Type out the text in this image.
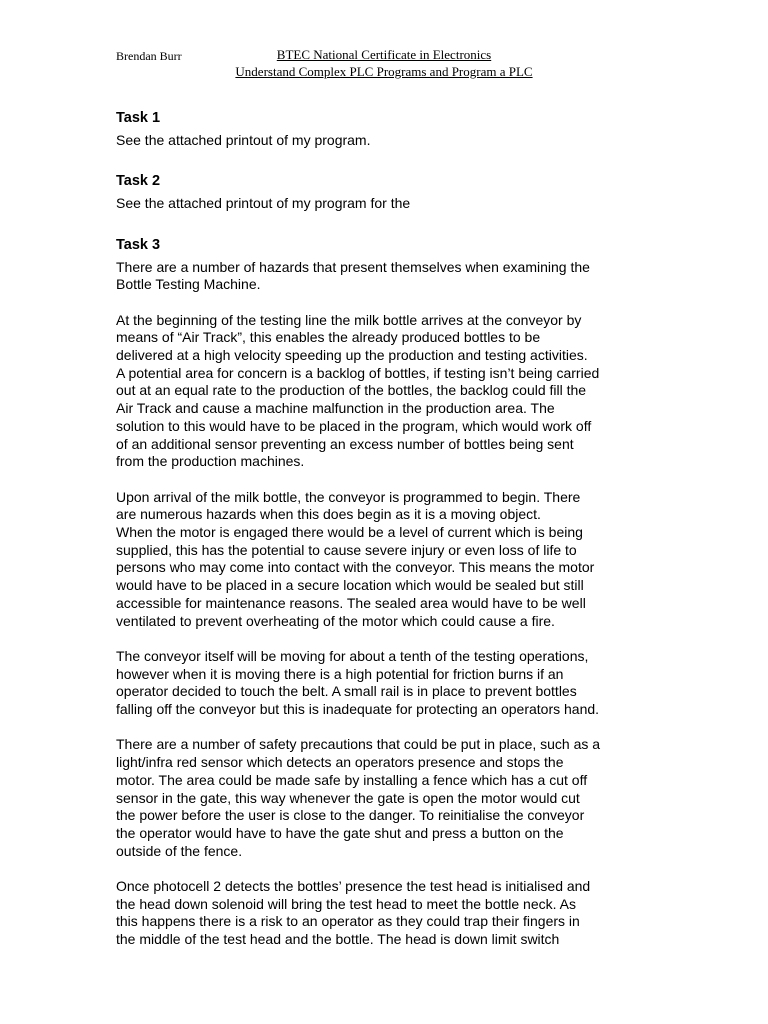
Brendan Burr	BTEC National Certificate in Electronics
Understand Complex PLC Programs and Program a PLC

Task 1

See the attached printout of my program.

Task 2

See the attached printout of my program for the

Task 3

There are a number of hazards that present themselves when examining the
Bottle Testing Machine.
At the beginning of the testing line the milk bottle arrives at the conveyor by
means of “Air Track”, this enables the already produced bottles to be
delivered at a high velocity speeding up the production and testing activities.
A potential area for concern is a backlog of bottles, if testing isn’t being carried
out at an equal rate to the production of the bottles, the backlog could fill the
Air Track and cause a machine malfunction in the production area. The
solution to this would have to be placed in the program, which would work off
of an additional sensor preventing an excess number of bottles being sent
from the production machines.
Upon arrival of the milk bottle, the conveyor is programmed to begin. There
are numerous hazards when this does begin as it is a moving object.
When the motor is engaged there would be a level of current which is being
supplied, this has the potential to cause severe injury or even loss of life to
persons who may come into contact with the conveyor. This means the motor
would have to be placed in a secure location which would be sealed but still
accessible for maintenance reasons. The sealed area would have to be well
ventilated to prevent overheating of the motor which could cause a fire.
The conveyor itself will be moving for about a tenth of the testing operations,
however when it is moving there is a high potential for friction burns if an
operator decided to touch the belt. A small rail is in place to prevent bottles
falling off the conveyor but this is inadequate for protecting an operators hand.
There are a number of safety precautions that could be put in place, such as a
light/infra red sensor which detects an operators presence and stops the
motor. The area could be made safe by installing a fence which has a cut off
sensor in the gate, this way whenever the gate is open the motor would cut
the power before the user is close to the danger. To reinitialise the conveyor
the operator would have to have the gate shut and press a button on the
outside of the fence.
Once photocell 2 detects the bottles’ presence the test head is initialised and
the head down solenoid will bring the test head to meet the bottle neck. As
this happens there is a risk to an operator as they could trap their fingers in
the middle of the test head and the bottle. The head is down limit switch
